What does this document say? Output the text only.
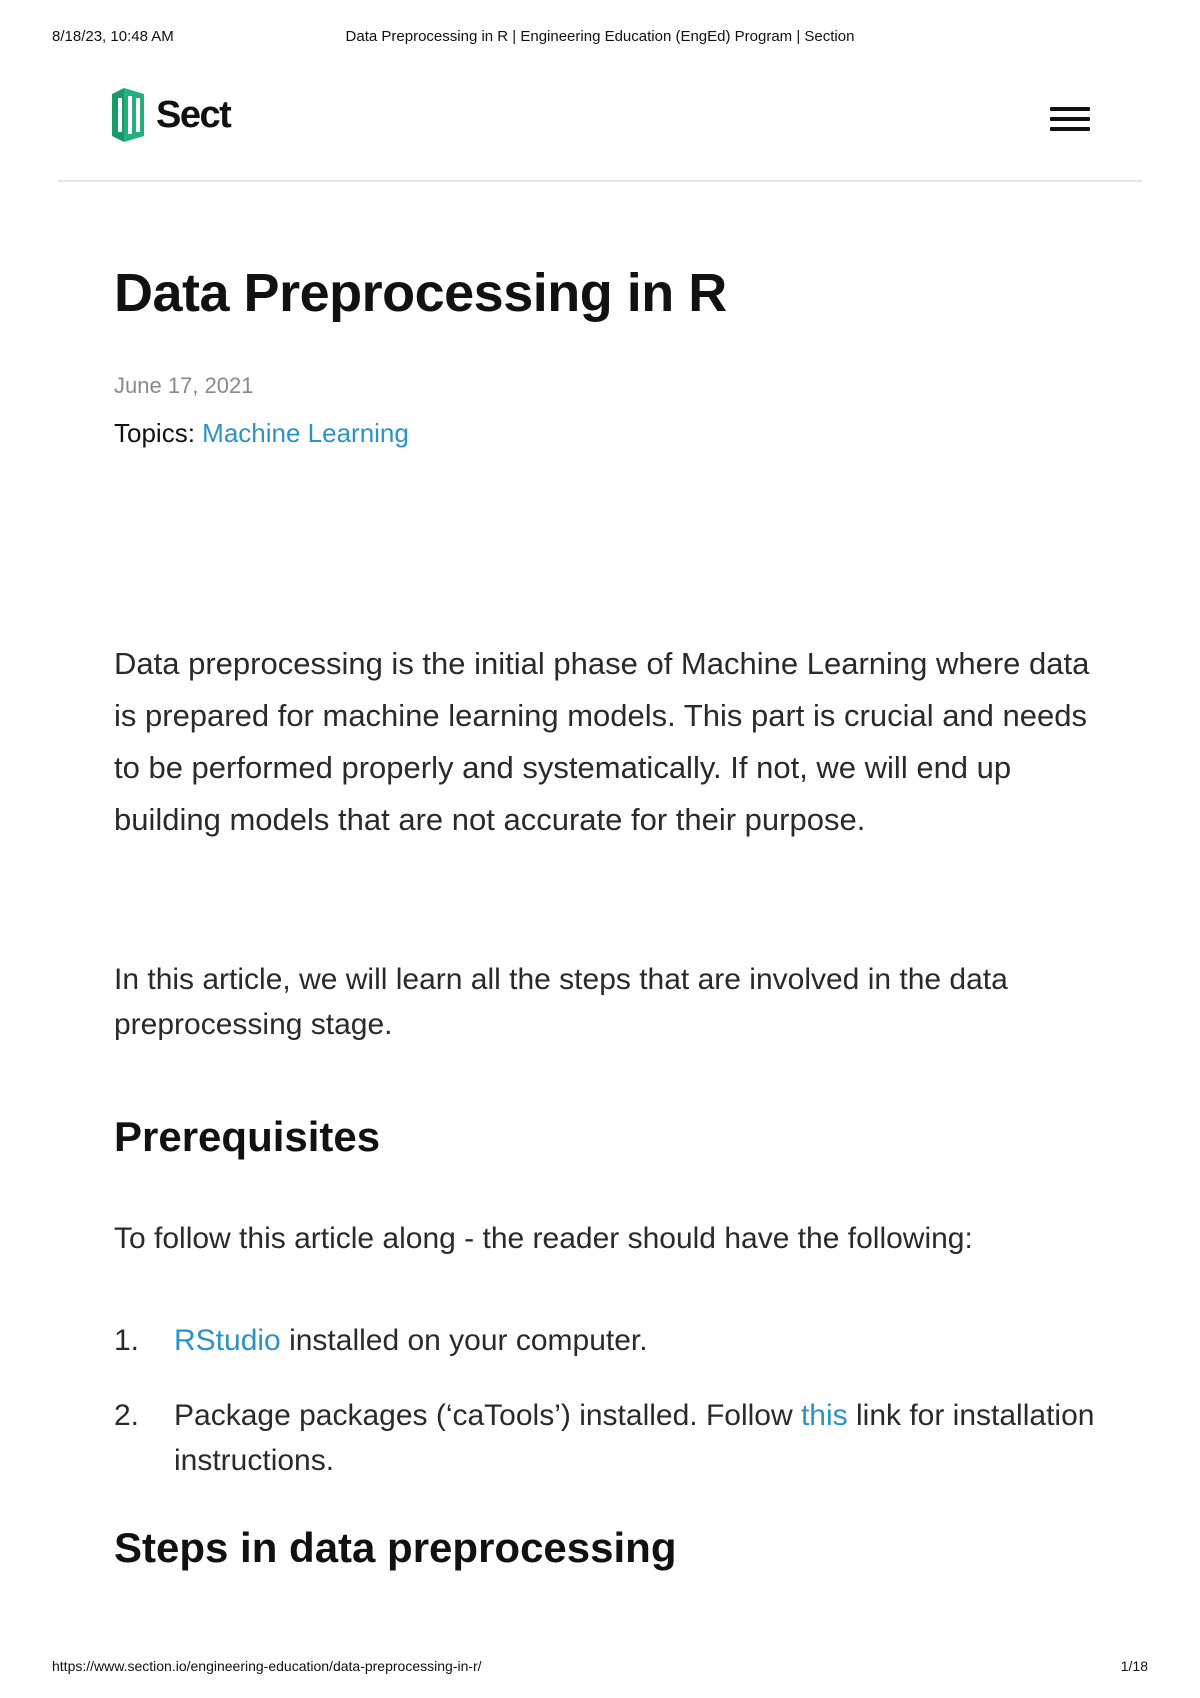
8/18/23, 10:48 AM	Data Preprocessing in R | Engineering Education (EngEd) Program | Section
Sect
Data Preprocessing in R
June 17, 2021
Topics: Machine Learning

Data preprocessing is the initial phase of Machine Learning where data is prepared for machine learning models. This part is crucial and needs to be performed properly and systematically. If not, we will end up building models that are not accurate for their purpose.

In this article, we will learn all the steps that are involved in the data preprocessing stage.

Prerequisites

To follow this article along - the reader should have the following:

1. RStudio installed on your computer.
2. Package packages (‘caTools’) installed. Follow this link for installation instructions.
Steps in data preprocessing
https://www.section.io/engineering-education/data-preprocessing-in-r/	1/18
